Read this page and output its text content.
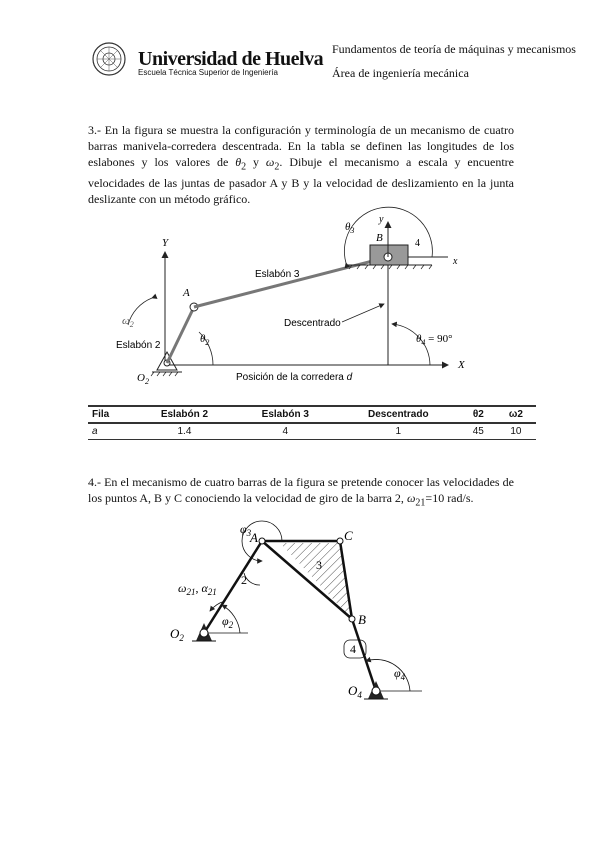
Universidad de Huelva
Escuela Técnica Superior de Ingeniería
Fundamentos de teoría de máquinas y mecanismos
Área de ingeniería mecánica
3.- En la figura se muestra la configuración y terminología de un mecanismo de cuatro barras manivela-corredera descentrada. En la tabla se definen las longitudes de los eslabones y los valores de $\theta_2$ y $\omega_2$. Dibuje el mecanismo a escala y encuentre velocidades de las juntas de pasador A y B y la velocidad de deslizamiento en la junta deslizante con un método gráfico.
Y
X
$O_2$
A
Eslabón 3
x
y
B	4
$\theta_3$
Descentrado
$\theta_4 = 90^\circ$
$\theta_2$
$\omega_2$
Eslabón 2
Posición de la corredera d
Fila	Eslabón 2	Eslabón 3	Descentrado	θ2	ω2
a	1.4	4	1	45	10
4.- En el mecanismo de cuatro barras de la figura se pretende conocer las velocidades de los puntos A, B y C conociendo la velocidad de giro de la barra 2, $\omega_{21}=10$ rad/s.
$O_2$
$O_4$
A	C
B
2
3
4
$\varphi_3$
$\omega_{21}$, $\alpha_{21}$
$\varphi_2$
$\varphi_4$
